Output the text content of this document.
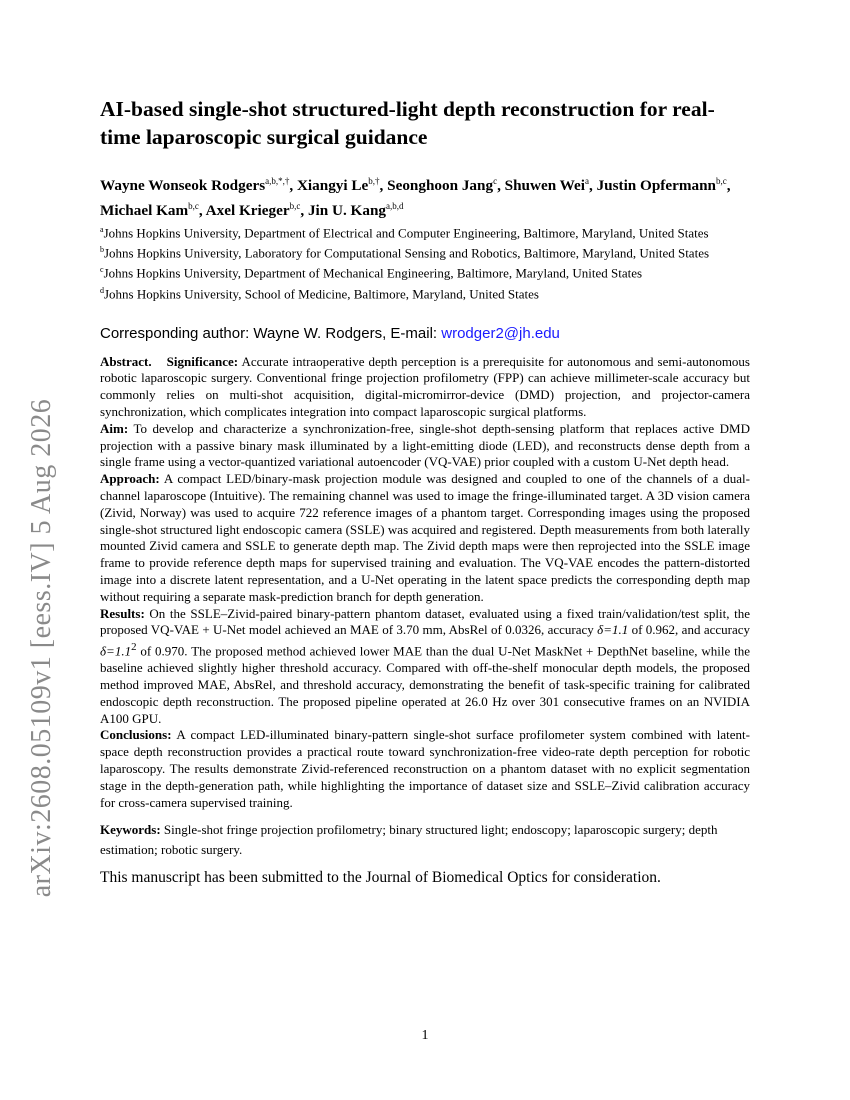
arXiv:2608.05109v1 [eess.IV] 5 Aug 2026
AI-based single-shot structured-light depth reconstruction for real-time laparoscopic surgical guidance
Wayne Wonseok Rodgers$^{a,b,*,\dagger}$, Xiangyi $Le^{b,\dagger}$, Seonghoon Jang$^c$, Shuwen Wei$^a$, Justin Opfermann$^{b,c}$, Michael Kam$^{b,c}$, Axel Krieger$^{b,c}$, Jin U. Kang$^{a,b,d}$
$^a$Johns Hopkins University, Department of Electrical and Computer Engineering, Baltimore, Maryland, United States
$^b$Johns Hopkins University, Laboratory for Computational Sensing and Robotics, Baltimore, Maryland, United States
$^c$Johns Hopkins University, Department of Mechanical Engineering, Baltimore, Maryland, United States
$^d$Johns Hopkins University, School of Medicine, Baltimore, Maryland, United States
Corresponding author: Wayne W. Rodgers, E-mail: wrodger2@jh.edu

Abstract. Significance: Accurate intraoperative depth perception is a prerequisite for autonomous and semi-autonomous robotic laparoscopic surgery. Conventional fringe projection profilometry (FPP) can achieve millimeter-scale accuracy but commonly relies on multi-shot acquisition, digital-micromirror-device (DMD) projection, and projector-camera synchronization, which complicates integration into compact laparoscopic surgical platforms.

Aim: To develop and characterize a synchronization-free, single-shot depth-sensing platform that replaces active DMD projection with a passive binary mask illuminated by a light-emitting diode (LED), and reconstructs dense depth from a single frame using a vector-quantized variational autoencoder (VQ-VAE) prior coupled with a custom U-Net depth head.

Approach: A compact LED/binary-mask projection module was designed and coupled to one of the channels of a dual-channel laparoscope (Intuitive). The remaining channel was used to image the fringe-illuminated target. A 3D vision camera (Zivid, Norway) was used to acquire 722 reference images of a phantom target. Corresponding images using the proposed single-shot structured light endoscopic camera (SSLE) was acquired and registered. Depth measurements from both laterally mounted Zivid camera and SSLE to generate depth map. The Zivid depth maps were then reprojected into the SSLE image frame to provide reference depth maps for supervised training and evaluation. The VQ-VAE encodes the pattern-distorted image into a discrete latent representation, and a U-Net operating in the latent space predicts the corresponding depth map without requiring a separate mask-prediction branch for depth generation.

Results: On the SSLE–Zivid-paired binary-pattern phantom dataset, evaluated using a fixed train/validation/test split, the proposed VQ-VAE + U-Net model achieved an MAE of 3.70 mm, AbsRel of 0.0326, accuracy δ=1.1 of 0.962, and accuracy $\delta=1.1^2$ of 0.970. The proposed method achieved lower MAE than the dual U-Net MaskNet + DepthNet baseline, while the baseline achieved slightly higher threshold accuracy. Compared with off-the-shelf monocular depth models, the proposed method improved MAE, AbsRel, and threshold accuracy, demonstrating the benefit of task-specific training for calibrated endoscopic depth reconstruction. The proposed pipeline operated at 26.0 Hz over 301 consecutive frames on an NVIDIA A100 GPU.

Conclusions: A compact LED-illuminated binary-pattern single-shot surface profilometer system combined with latent-space depth reconstruction provides a practical route toward synchronization-free video-rate depth perception for robotic laparoscopy. The results demonstrate Zivid-referenced reconstruction on a phantom dataset with no explicit segmentation stage in the depth-generation path, while highlighting the importance of dataset size and SSLE–Zivid calibration accuracy for cross-camera supervised training.

Keywords: Single-shot fringe projection profilometry; binary structured light; endoscopy; laparoscopic surgery; depth estimation; robotic surgery.
This manuscript has been submitted to the Journal of Biomedical Optics for consideration.
1
